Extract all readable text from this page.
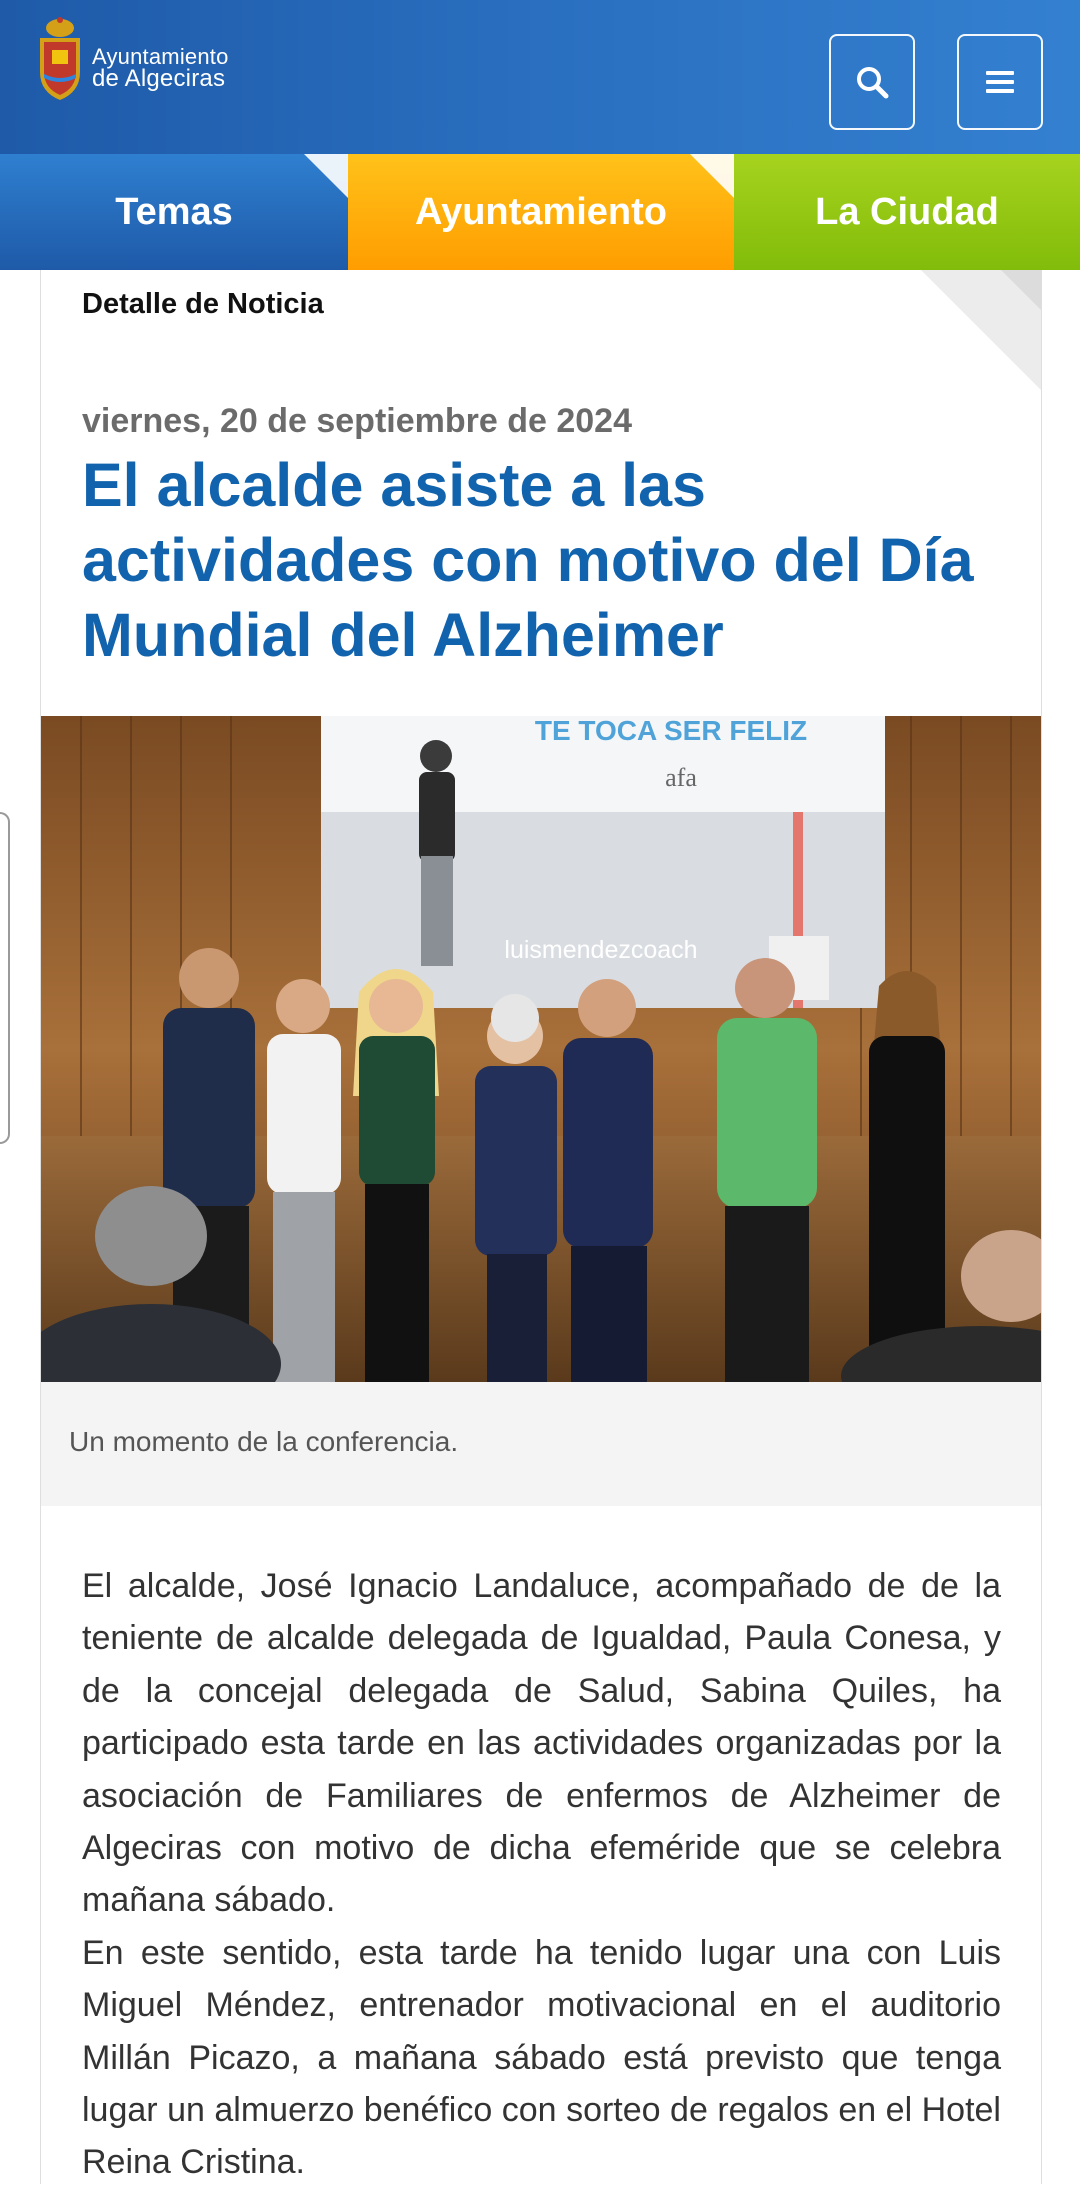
Ayuntamiento
de Algeciras
Temas	Ayuntamiento	La Ciudad
Detalle de Noticia
viernes, 20 de septiembre de 2024
El alcalde asiste a las actividades con motivo del Día Mundial del Alzheimer
TE TOCA SER FELIZ
afa
luismendezcoach
Un momento de la conferencia.

El alcalde, José Ignacio Landaluce, acompañado de de la teniente de alcalde delegada de Igualdad, Paula Conesa, y de la concejal delegada de Salud, Sabina Quiles, ha participado esta tarde en las actividades organizadas por la asociación de Familiares de enfermos de Alzheimer de Algeciras con motivo de dicha efeméride que se celebra mañana sábado.

En este sentido, esta tarde ha tenido lugar una con Luis Miguel Méndez, entrenador motivacional en el auditorio Millán Picazo, a mañana sábado está previsto que tenga lugar un almuerzo benéfico con sorteo de regalos en el Hotel Reina Cristina.
